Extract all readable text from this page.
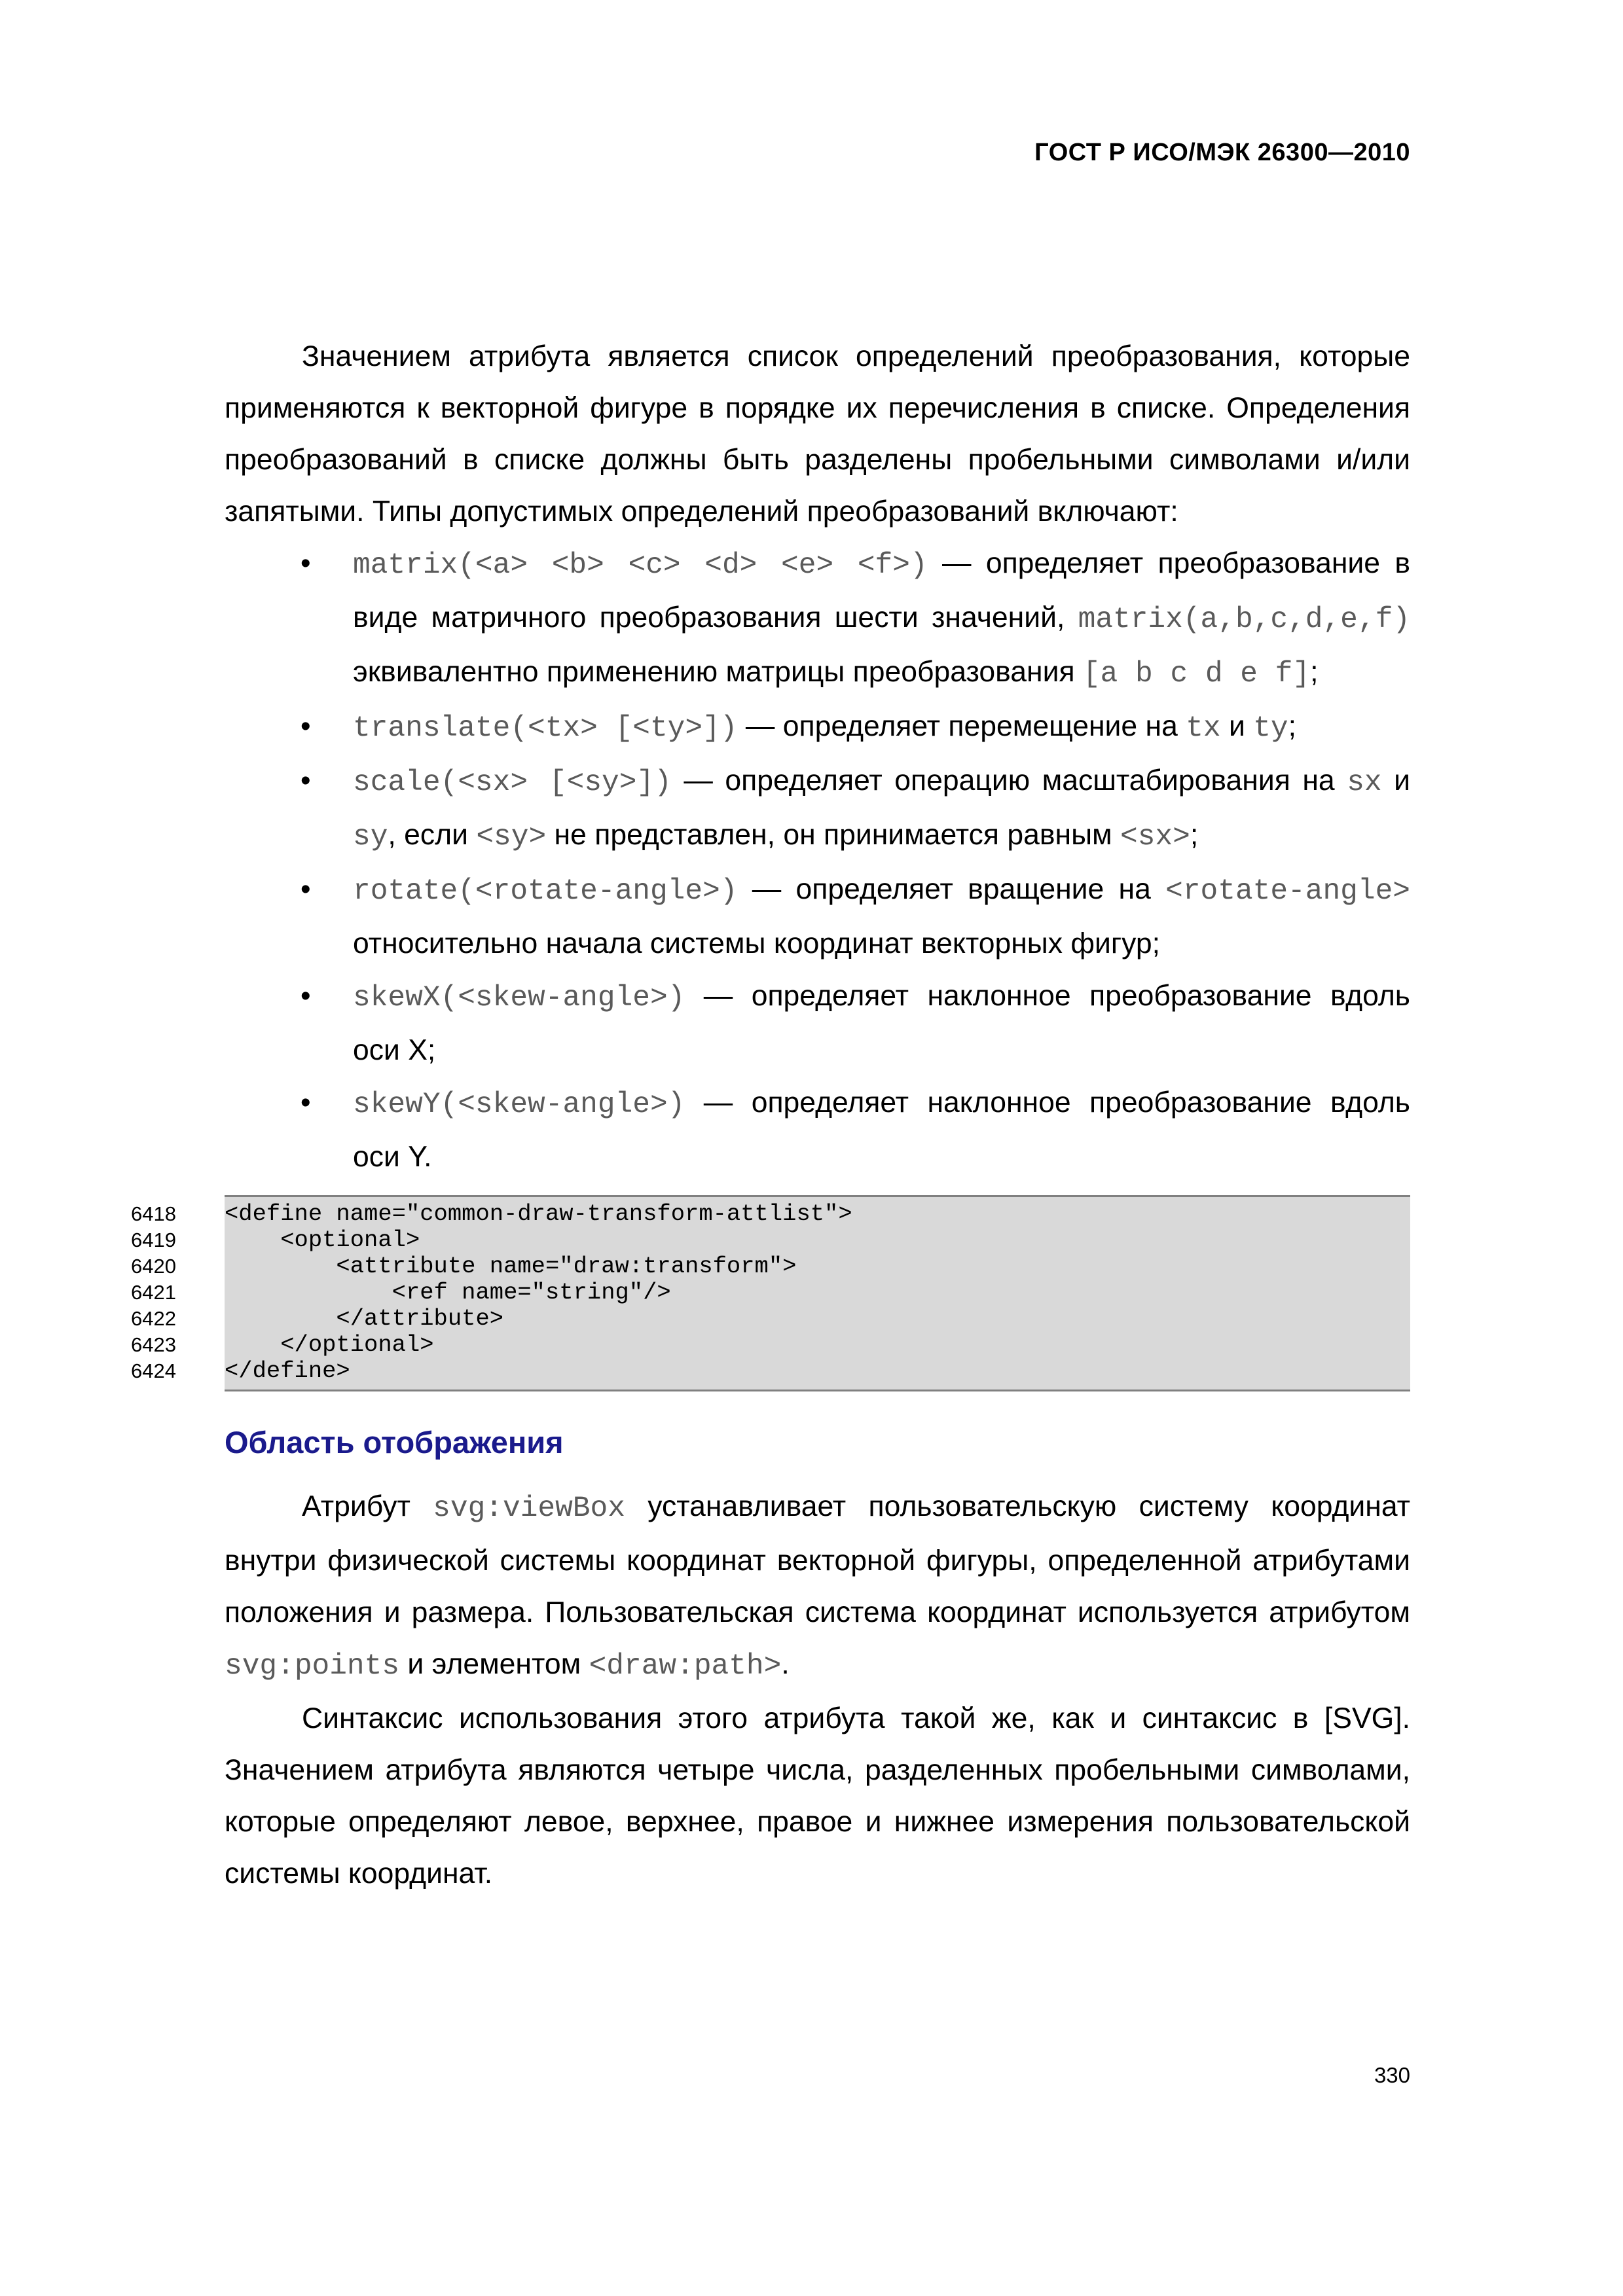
ГОСТ Р ИСО/МЭК 26300—2010

Значением атрибута является список определений преобразования, которые применяются к векторной фигуре в порядке их перечисления в списке. Определения преобразований в списке должны быть разделены пробельными символами и/или запятыми. Типы допустимых определений преобразований включают:

• matrix(<a> <b> <c> <d> <e> <f>) — определяет преобразование в виде матричного преобразования шести значений, matrix(a,b,c,d,e,f) эквивалентно применению матрицы преобразования [a b c d e f];
• translate(<tx> [<ty>]) — определяет перемещение на tx и ty;
• scale(<sx> [<sy>]) — определяет операцию масштабирования на sx и sy, если <sy> не представлен, он принимается равным <sx>;
• rotate(<rotate-angle>) — определяет вращение на <rotate-angle> относительно начала системы координат векторных фигур;
• skewX(<skew-angle>) — определяет наклонное преобразование вдоль оси X;
• skewY(<skew-angle>) — определяет наклонное преобразование вдоль оси Y.
6418	<define name="common-draw-transform-attlist">
6419	<optional>
6420	<attribute name="draw:transform">
6421	<ref name="string"/>
6422	</attribute>
6423	</optional>
6424	</define>
Область отображения

Атрибут svg:viewBox устанавливает пользовательскую систему координат внутри физической системы координат векторной фигуры, определенной атрибутами положения и размера. Пользовательская система координат используется атрибутом svg:points и элементом <draw:path>.

Синтаксис использования этого атрибута такой же, как и синтаксис в [SVG]. Значением атрибута являются четыре числа, разделенных пробельными символами, которые определяют левое, верхнее, правое и нижнее измерения пользовательской системы координат.

330
